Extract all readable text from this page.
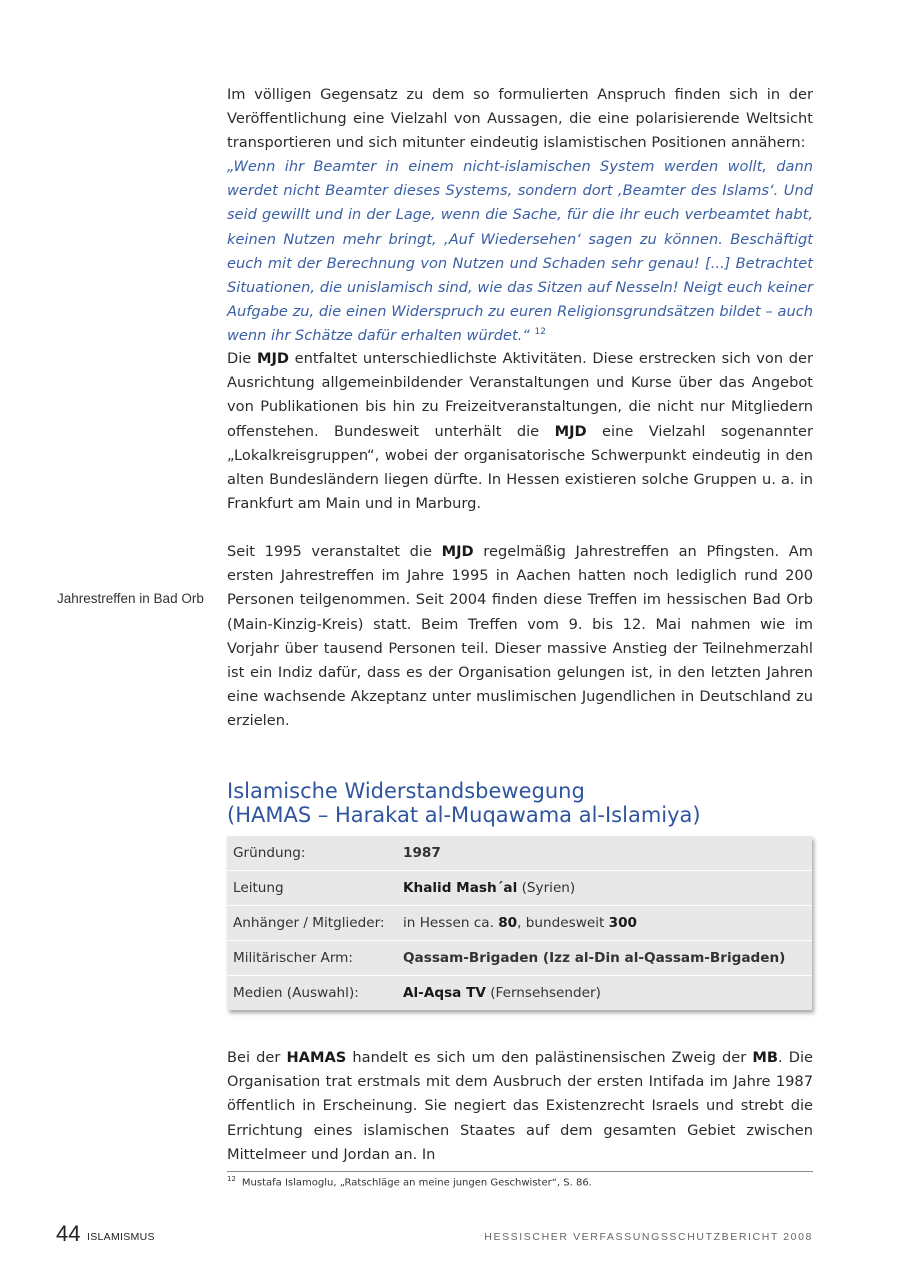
Im völligen Gegensatz zu dem so formulierten Anspruch finden sich in der Veröffentlichung eine Vielzahl von Aussagen, die eine polarisierende Weltsicht transportieren und sich mitunter eindeutig islamistischen Positionen annähern:
„Wenn ihr Beamter in einem nicht-islamischen System werden wollt, dann werdet nicht Beamter dieses Systems, sondern dort ‚Beamter des Islams‘. Und seid gewillt und in der Lage, wenn die Sache, für die ihr euch verbeamtet habt, keinen Nutzen mehr bringt, ‚Auf Wiedersehen‘ sagen zu können. Beschäftigt euch mit der Berechnung von Nutzen und Schaden sehr genau! [...] Betrachtet Situationen, die unislamisch sind, wie das Sitzen auf Nesseln! Neigt euch keiner Aufgabe zu, die einen Widerspruch zu euren Religionsgrundsätzen bildet – auch wenn ihr Schätze dafür erhalten würdet.“ $^{12}$
Die MJD entfaltet unterschiedlichste Aktivitäten. Diese erstrecken sich von der Ausrichtung allgemeinbildender Veranstaltungen und Kurse über das Angebot von Publikationen bis hin zu Freizeitveranstaltungen, die nicht nur Mitgliedern offenstehen. Bundesweit unterhält die MJD eine Vielzahl sogenannter „Lokalkreisgruppen“, wobei der organisatorische Schwerpunkt eindeutig in den alten Bundesländern liegen dürfte. In Hessen existieren solche Gruppen u. a. in Frankfurt am Main und in Marburg.
Jahrestreffen in Bad Orb
Seit 1995 veranstaltet die MJD regelmäßig Jahrestreffen an Pfingsten. Am ersten Jahrestreffen im Jahre 1995 in Aachen hatten noch lediglich rund 200 Personen teilgenommen. Seit 2004 finden diese Treffen im hessischen Bad Orb (Main-Kinzig-Kreis) statt. Beim Treffen vom 9. bis 12. Mai nahmen wie im Vorjahr über tausend Personen teil. Dieser massive Anstieg der Teilnehmerzahl ist ein Indiz dafür, dass es der Organisation gelungen ist, in den letzten Jahren eine wachsende Akzeptanz unter muslimischen Jugendlichen in Deutschland zu erzielen.
Islamische Widerstandsbewegung
(HAMAS – Harakat al-Muqawama al-Islamiya)
Gründung:	1987
Leitung	Khalid Mash´al (Syrien)
Anhänger / Mitglieder:	in Hessen ca. 80, bundesweit 300
Militärischer Arm:	Qassam-Brigaden (Izz al-Din al-Qassam-Brigaden)
Medien (Auswahl):	Al-Aqsa TV (Fernsehsender)
Bei der HAMAS handelt es sich um den palästinensischen Zweig der MB. Die Organisation trat erstmals mit dem Ausbruch der ersten Intifada im Jahre 1987 öffentlich in Erscheinung. Sie negiert das Existenzrecht Israels und strebt die Errichtung eines islamischen Staates auf dem gesamten Gebiet zwischen Mittelmeer und Jordan an. In
$^{12}$ Mustafa Islamoglu, „Ratschläge an meine jungen Geschwister“, S. 86.
44 ISLAMISMUS	HESSISCHER VERFASSUNGSSCHUTZBERICHT 2008
